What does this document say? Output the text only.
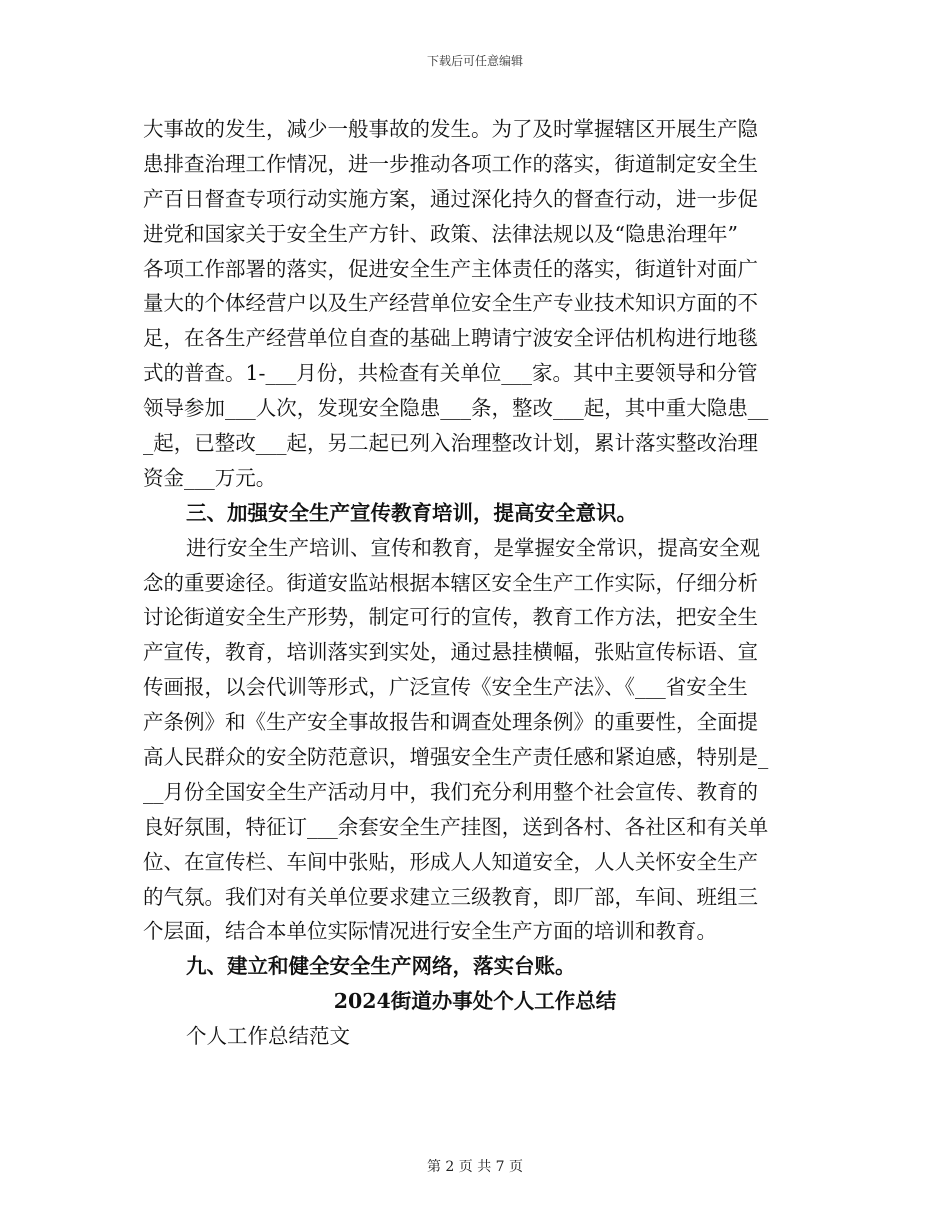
下载后可任意编辑
大事故的发生，减少一般事故的发生。为了及时掌握辖区开展生产隐
患排查治理工作情况，进一步推动各项工作的落实，街道制定安全生
产百日督查专项行动实施方案，通过深化持久的督查行动，进一步促
进党和国家关于安全生产方针、政策、法律法规以及“隐患治理年”
各项工作部署的落实，促进安全生产主体责任的落实，街道针对面广
量大的个体经营户以及生产经营单位安全生产专业技术知识方面的不
足，在各生产经营单位自查的基础上聘请宁波安全评估机构进行地毯
式的普查。1-___月份，共检查有关单位___家。其中主要领导和分管
领导参加___人次，发现安全隐患___条，整改___起，其中重大隐患__
_起，已整改___起，另二起已列入治理整改计划，累计落实整改治理
资金___万元。
三、加强安全生产宣传教育培训，提高安全意识。
进行安全生产培训、宣传和教育，是掌握安全常识，提高安全观
念的重要途径。街道安监站根据本辖区安全生产工作实际，仔细分析
讨论街道安全生产形势，制定可行的宣传，教育工作方法，把安全生
产宣传，教育，培训落实到实处，通过悬挂横幅，张贴宣传标语、宣
传画报，以会代训等形式，广泛宣传《安全生产法》、《___省安全生
产条例》和《生产安全事故报告和调查处理条例》的重要性，全面提
高人民群众的安全防范意识，增强安全生产责任感和紧迫感，特别是_
__月份全国安全生产活动月中，我们充分利用整个社会宣传、教育的
良好氛围，特征订___余套安全生产挂图，送到各村、各社区和有关单
位、在宣传栏、车间中张贴，形成人人知道安全，人人关怀安全生产
的气氛。我们对有关单位要求建立三级教育，即厂部，车间、班组三
个层面，结合本单位实际情况进行安全生产方面的培训和教育。
九、建立和健全安全生产网络，落实台账。
2024街道办事处个人工作总结
个人工作总结范文
第 2 页 共 7 页
